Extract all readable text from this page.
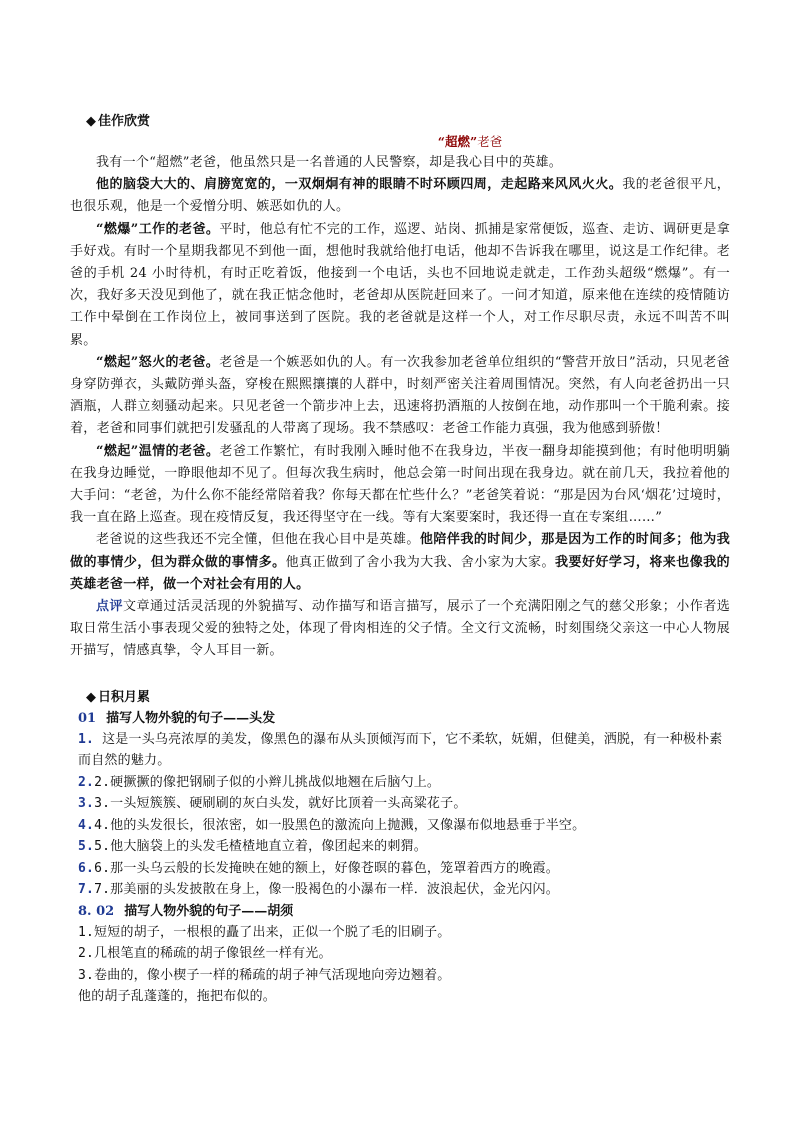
◆ 佳作欣赏
“超燃”老爸

我有一个“超燃”老爸，他虽然只是一名普通的人民警察，却是我心目中的英雄。

他的脑袋大大的、肩膀宽宽的，一双炯炯有神的眼睛不时环顾四周，走起路来风风火火。我的老爸很平凡，也很乐观，他是一个爱憎分明、嫉恶如仇的人。

“燃爆”工作的老爸。平时，他总有忙不完的工作，巡逻、站岗、抓捕是家常便饭，巡查、走访、调研更是拿手好戏。有时一个星期我都见不到他一面，想他时我就给他打电话，他却不告诉我在哪里，说这是工作纪律。老爸的手机 24 小时待机，有时正吃着饭，他接到一个电话，头也不回地说走就走，工作劲头超级“燃爆”。有一次，我好多天没见到他了，就在我正惦念他时，老爸却从医院赶回来了。一问才知道，原来他在连续的疫情随访工作中晕倒在工作岗位上，被同事送到了医院。我的老爸就是这样一个人，对工作尽职尽责，永远不叫苦不叫累。

“燃起”怒火的老爸。老爸是一个嫉恶如仇的人。有一次我参加老爸单位组织的“警营开放日”活动，只见老爸身穿防弹衣，头戴防弹头盔，穿梭在熙熙攘攘的人群中，时刻严密关注着周围情况。突然，有人向老爸扔出一只酒瓶，人群立刻骚动起来。只见老爸一个箭步冲上去，迅速将扔酒瓶的人按倒在地，动作那叫一个干脆利索。接着，老爸和同事们就把引发骚乱的人带离了现场。我不禁感叹：老爸工作能力真强，我为他感到骄傲！

“燃起”温情的老爸。老爸工作繁忙，有时我刚入睡时他不在我身边，半夜一翻身却能摸到他；有时他明明躺在我身边睡觉，一睁眼他却不见了。但每次我生病时，他总会第一时间出现在我身边。就在前几天，我拉着他的大手问：“老爸，为什么你不能经常陪着我？你每天都在忙些什么？”老爸笑着说：“那是因为台风‘烟花’过境时，我一直在路上巡查。现在疫情反复，我还得坚守在一线。等有大案要案时，我还得一直在专案组……”

老爸说的这些我还不完全懂，但他在我心目中是英雄。他陪伴我的时间少，那是因为工作的时间多；他为我做的事情少，但为群众做的事情多。他真正做到了舍小我为大我、舍小家为大家。我要好好学习，将来也像我的英雄老爸一样，做一个对社会有用的人。

点评文章通过活灵活现的外貌描写、动作描写和语言描写，展示了一个充满阳刚之气的慈父形象；小作者选取日常生活小事表现父爱的独特之处，体现了骨肉相连的父子情。全文行文流畅，时刻围绕父亲这一中心人物展开描写，情感真挚，令人耳目一新。

◆ 日积月累
01 描写人物外貌的句子——头发
1. 这是一头乌亮浓厚的美发，像黑色的瀑布从头顶倾泻而下，它不柔软，妩媚，但健美，洒脱，有一种极朴素而自然的魅力。
2.2.硬撅撅的像把钢刷子似的小辫儿挑战似地翘在后脑勺上。
3.3.一头短簇簇、硬刷刷的灰白头发，就好比顶着一头高粱花子。
4.4.他的头发很长，很浓密，如一股黑色的激流向上抛溅，又像瀑布似地悬垂于半空。
5.5.他大脑袋上的头发毛楂楂地直立着，像团起来的刺猬。
6.6.那一头乌云般的长发掩映在她的额上，好像苍暝的暮色，笼罩着西方的晚霞。
7.7.那美丽的头发披散在身上，像一股褐色的小瀑布一样．波浪起伏，金光闪闪。
8. 02 描写人物外貌的句子——胡须
1.短短的胡子，一根根的矗了出来，正似一个脱了毛的旧刷子。
2.几根笔直的稀疏的胡子像银丝一样有光。
3.卷曲的，像小楔子一样的稀疏的胡子神气活现地向旁边翘着。
他的胡子乱蓬蓬的，拖把布似的。
